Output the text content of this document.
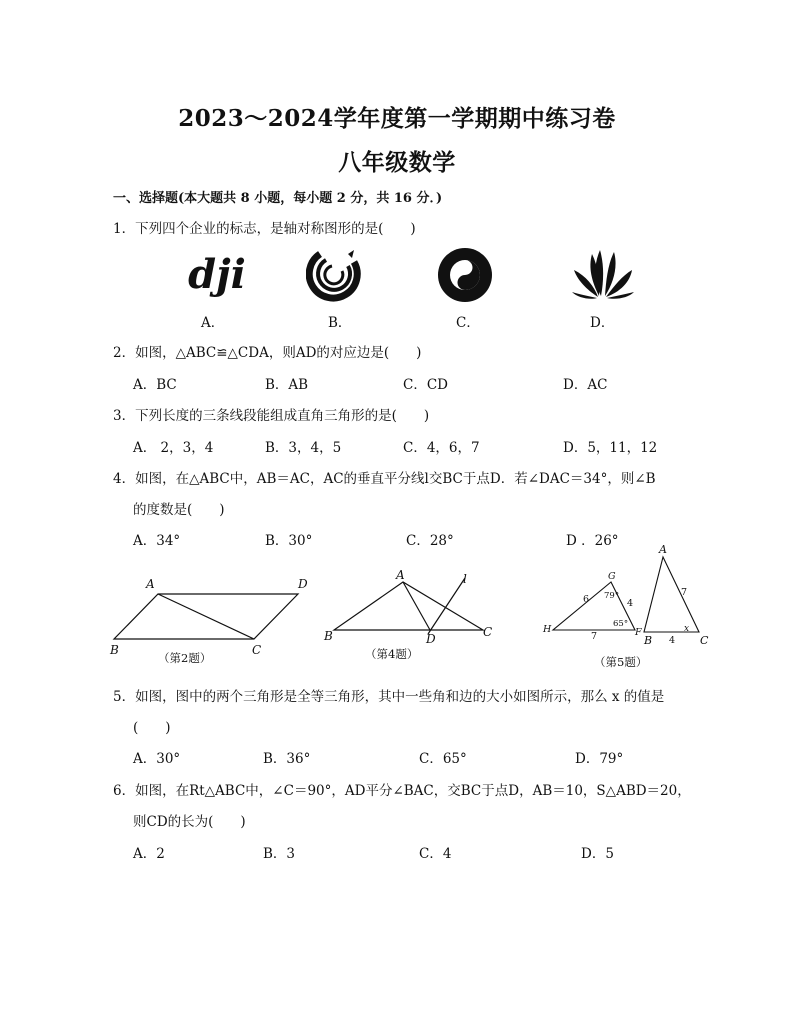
2023～2024学年度第一学期期中练习卷
八年级数学
一、选择题(本大题共 8 小题，每小题 2 分，共 16 分．)
1．下列四个企业的标志，是轴对称图形的是(　　)
dji
A．	B．	C．	D．
2．如图，△ABC≌△CDA，则AD的对应边是(　　)
A．BC	B．AB	C．CD	D．AC
3．下列长度的三条线段能组成直角三角形的是(　　)
A． 2，3，4	B．3，4，5	C．4，6，7	D．5，11，12
4．如图，在△ABC中，AB＝AC，AC的垂直平分线l交BC于点D．若∠DAC＝34°，则∠B
的度数是(　　)
A．34°	B．30°	C．28°	D ．26°
A	D
B	C
（第2题）
A	l
B	D	C
（第4题）
G
H	F
A
B	C
6	4
7
7
4
79°
65°	x
（第5题）
5．如图，图中的两个三角形是全等三角形，其中一些角和边的大小如图所示，那么 x 的值是
(　　)
A．30°	B．36°	C．65°	D．79°
6．如图，在Rt△ABC中，∠C＝90°，AD平分∠BAC，交BC于点D，AB＝10，S△ABD＝20，
则CD的长为(　　)
A．2	B．3	C．4	D．5
